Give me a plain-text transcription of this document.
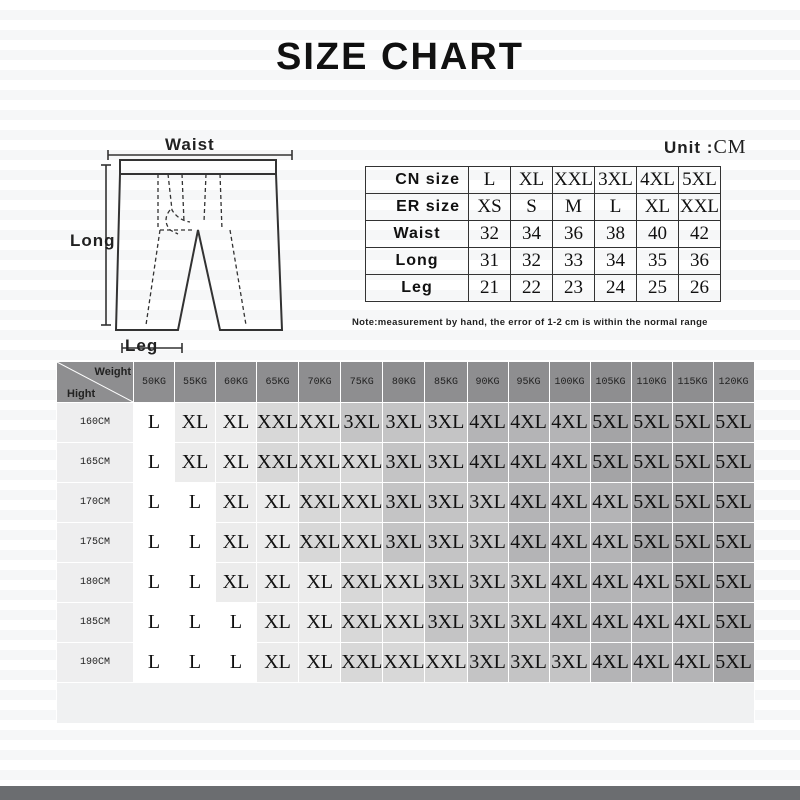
SIZE CHART
Unit :CM
Waist
Long
Leg
CN size	L	XL	XXL	3XL	4XL	5XL
ER size	XS	S	M	L	XL	XXL
Waist	32	34	36	38	40	42
Long	31	32	33	34	35	36
Leg	21	22	23	24	25	26
Note:measurement by hand, the error of 1-2 cm is within the normal range
Weight
Hight	50KG	55KG	60KG	65KG	70KG	75KG	80KG	85KG	90KG	95KG	100KG	105KG	110KG	115KG	120KG
160CM	L	XL	XL	XXL	XXL	3XL	3XL	3XL	4XL	4XL	4XL	5XL	5XL	5XL	5XL
165CM	L	XL	XL	XXL	XXL	XXL	3XL	3XL	4XL	4XL	4XL	5XL	5XL	5XL	5XL
170CM	L	L	XL	XL	XXL	XXL	3XL	3XL	3XL	4XL	4XL	4XL	5XL	5XL	5XL
175CM	L	L	XL	XL	XXL	XXL	3XL	3XL	3XL	4XL	4XL	4XL	5XL	5XL	5XL
180CM	L	L	XL	XL	XL	XXL	XXL	3XL	3XL	3XL	4XL	4XL	4XL	5XL	5XL
185CM	L	L	L	XL	XL	XXL	XXL	3XL	3XL	3XL	4XL	4XL	4XL	4XL	5XL
190CM	L	L	L	XL	XL	XXL	XXL	XXL	3XL	3XL	3XL	4XL	4XL	4XL	5XL
